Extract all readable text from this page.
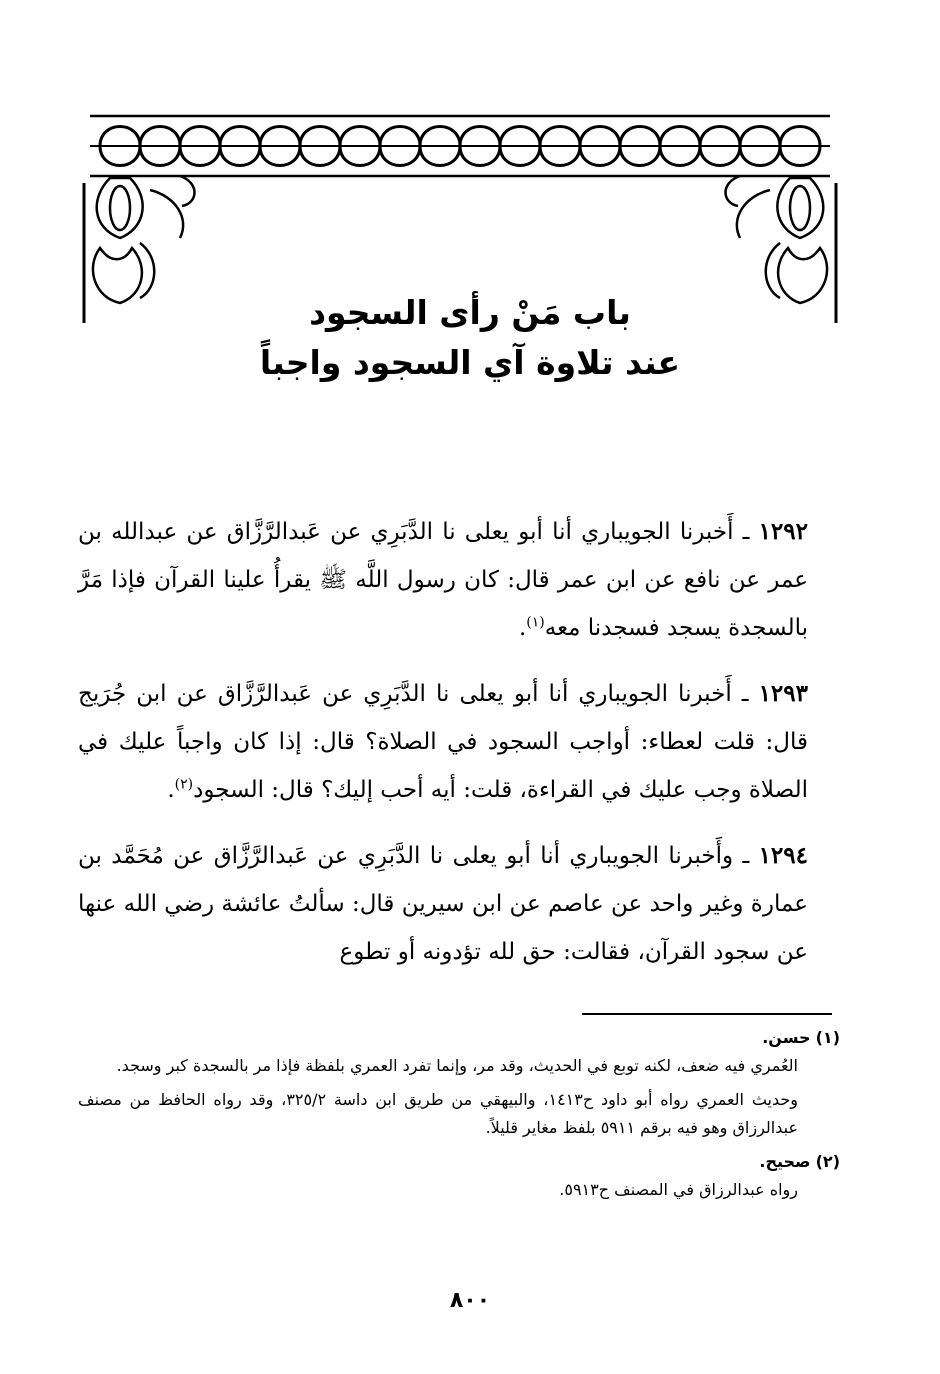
باب مَنْ رأى السجود
عند تلاوة آي السجود واجباً

١٢٩٢ ـ أَخبرنا الجويباري أنا أبو يعلى نا الدَّبَرِي عن عَبدالرَّزَّاق عن عبدالله بن عمر عن نافع عن ابن عمر قال: كان رسول اللَّه ﷺ يقرأُ علينا القرآن فإذا مَرَّ بالسجدة يسجد فسجدنا معه$^{(١)}$.

١٢٩٣ ـ أَخبرنا الجويباري أنا أبو يعلى نا الدَّبَرِي عن عَبدالرَّزَّاق عن ابن جُرَيج قال: قلت لعطاء: أواجب السجود في الصلاة؟ قال: إذا كان واجباً عليك في الصلاة وجب عليك في القراءة، قلت: أيه أحب إليك؟ قال: السجود$^{(٢)}$.

١٢٩٤ ـ وأَخبرنا الجويباري أنا أبو يعلى نا الدَّبَرِي عن عَبدالرَّزَّاق عن مُحَمَّد بن عمارة وغير واحد عن عاصم عن ابن سيرين قال: سألتُ عائشة رضي الله عنها عن سجود القرآن، فقالت: حق لله تؤدونه أو تطوع

(١) حسن.

العُمري فيه ضعف، لكنه توبع في الحديث، وقد مر، وإنما تفرد العمري بلفظة فإذا مر بالسجدة كبر وسجد.

وحديث العمري رواه أبو داود ح١٤١٣، والبيهقي من طريق ابن داسة ٣٢٥/٢، وقد رواه الحافظ من مصنف عبدالرزاق وهو فيه برقم ٥٩١١ بلفظ مغاير قليلاً.

(٢) صحيح.

رواه عبدالرزاق في المصنف ح٥٩١٣.

٨٠٠
